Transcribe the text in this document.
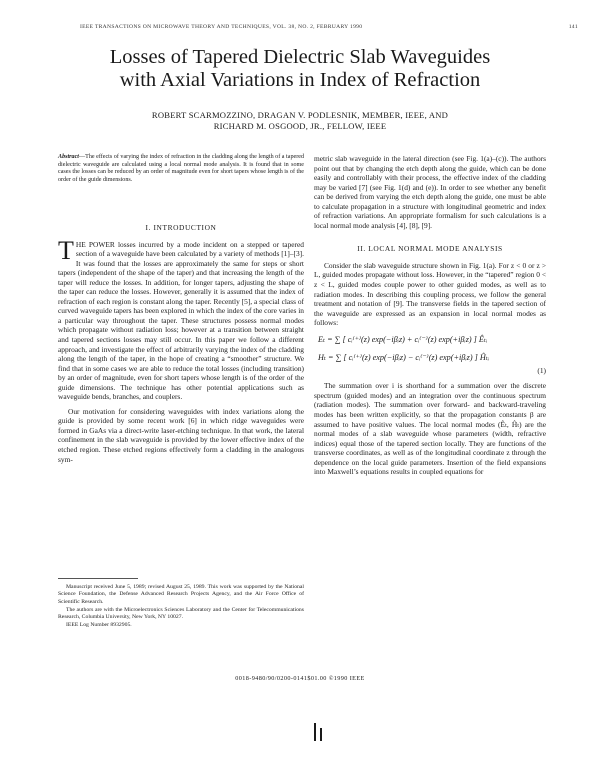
IEEE TRANSACTIONS ON MICROWAVE THEORY AND TECHNIQUES, VOL. 38, NO. 2, FEBRUARY 1990	141
Losses of Tapered Dielectric Slab Waveguides
with Axial Variations in Index of Refraction
ROBERT SCARMOZZINO, DRAGAN V. PODLESNIK, MEMBER, IEEE, AND
RICHARD M. OSGOOD, JR., FELLOW, IEEE
Abstract—The effects of varying the index of refraction in the cladding along the length of a tapered dielectric waveguide are calculated using a local normal mode analysis. It is found that in some cases the losses can be reduced by an order of magnitude even for short tapers whose length is of the order of the guide dimensions.
I. INTRODUCTION

THE POWER losses incurred by a mode incident on a stepped or tapered section of a waveguide have been calculated by a variety of methods [1]–[3]. It was found that the losses are approximately the same for steps or short tapers (independent of the shape of the taper) and that increasing the length of the taper will reduce the losses. In addition, for longer tapers, adjusting the shape of the taper can reduce the losses. However, generally it is assumed that the index of refraction of each region is constant along the taper. Recently [5], a special class of curved waveguide tapers has been explored in which the index of the core varies in a particular way throughout the taper. These structures possess normal modes which propagate without radiation loss; however at a transition between straight and tapered sections losses may still occur. In this paper we follow a different approach, and investigate the effect of arbitrarily varying the index of the cladding along the length of the taper, in the hope of creating a “smoother” structure. We find that in some cases we are able to reduce the total losses (including transition) by an order of magnitude, even for short tapers whose length is of the order of the guide dimensions. The technique has other potential applications such as waveguide bends, branches, and couplers.

Our motivation for considering waveguides with index variations along the guide is provided by some recent work [6] in which ridge waveguides were formed in GaAs via a direct-write laser-etching technique. In that work, the lateral confinement in the slab waveguide is provided by the lower effective index of the etched region. These etched regions effectively form a cladding in the analogous sym-

Manuscript received June 5, 1989; revised August 25, 1989. This work was supported by the National Science Foundation, the Defense Advanced Research Projects Agency, and the Air Force Office of Scientific Research.

The authors are with the Microelectronics Sciences Laboratory and the Center for Telecommunications Research, Columbia University, New York, NY 10027.

IEEE Log Number 8932905.

metric slab waveguide in the lateral direction (see Fig. 1(a)–(c)). The authors point out that by changing the etch depth along the guide, which can be done easily and controllably with their process, the effective index of the cladding may be varied [7] (see Fig. 1(d) and (e)). In order to see whether any benefit can be derived from varying the etch depth along the guide, one must be able to calculate propagation in a structure with longitudinal geometric and index of refraction variations. An appropriate formalism for such calculations is a local normal mode analysis [4], [8], [9].

II. LOCAL NORMAL MODE ANALYSIS

Consider the slab waveguide structure shown in Fig. 1(a). For z < 0 or z > L, guided modes propagate without loss. However, in the “tapered” region 0 < z < L, guided modes couple power to other guided modes, as well as to radiation modes. In describing this coupling process, we follow the general treatment and notation of [9]. The transverse fields in the tapered section of the waveguide are expressed as an expansion in local normal modes as follows:

Eₜ = ∑ [ cᵢ⁽⁺⁾(z) exp(−iβᵢz) + cᵢ⁽⁻⁾(z) exp(+iβᵢz) ] Êₜᵢ
Hₜ = ∑ [ cᵢ⁽⁺⁾(z) exp(−iβᵢz) − cᵢ⁽⁻⁾(z) exp(+iβᵢz) ] Ĥₜᵢ
(1)

The summation over i is shorthand for a summation over the discrete spectrum (guided modes) and an integration over the continuous spectrum (radiation modes). The summation over forward- and backward-traveling modes has been written explicitly, so that the propagation constants β are assumed to have positive values. The local normal modes (Êₜ, Ĥₜ) are the normal modes of a slab waveguide whose parameters (width, refractive indices) equal those of the tapered section locally. They are functions of the transverse coordinates, as well as of the longitudinal coordinate z through the dependence on the local guide parameters. Insertion of the field expansions into Maxwell’s equations results in coupled equations for

0018-9480/90/0200-0141$01.00 ©1990 IEEE
